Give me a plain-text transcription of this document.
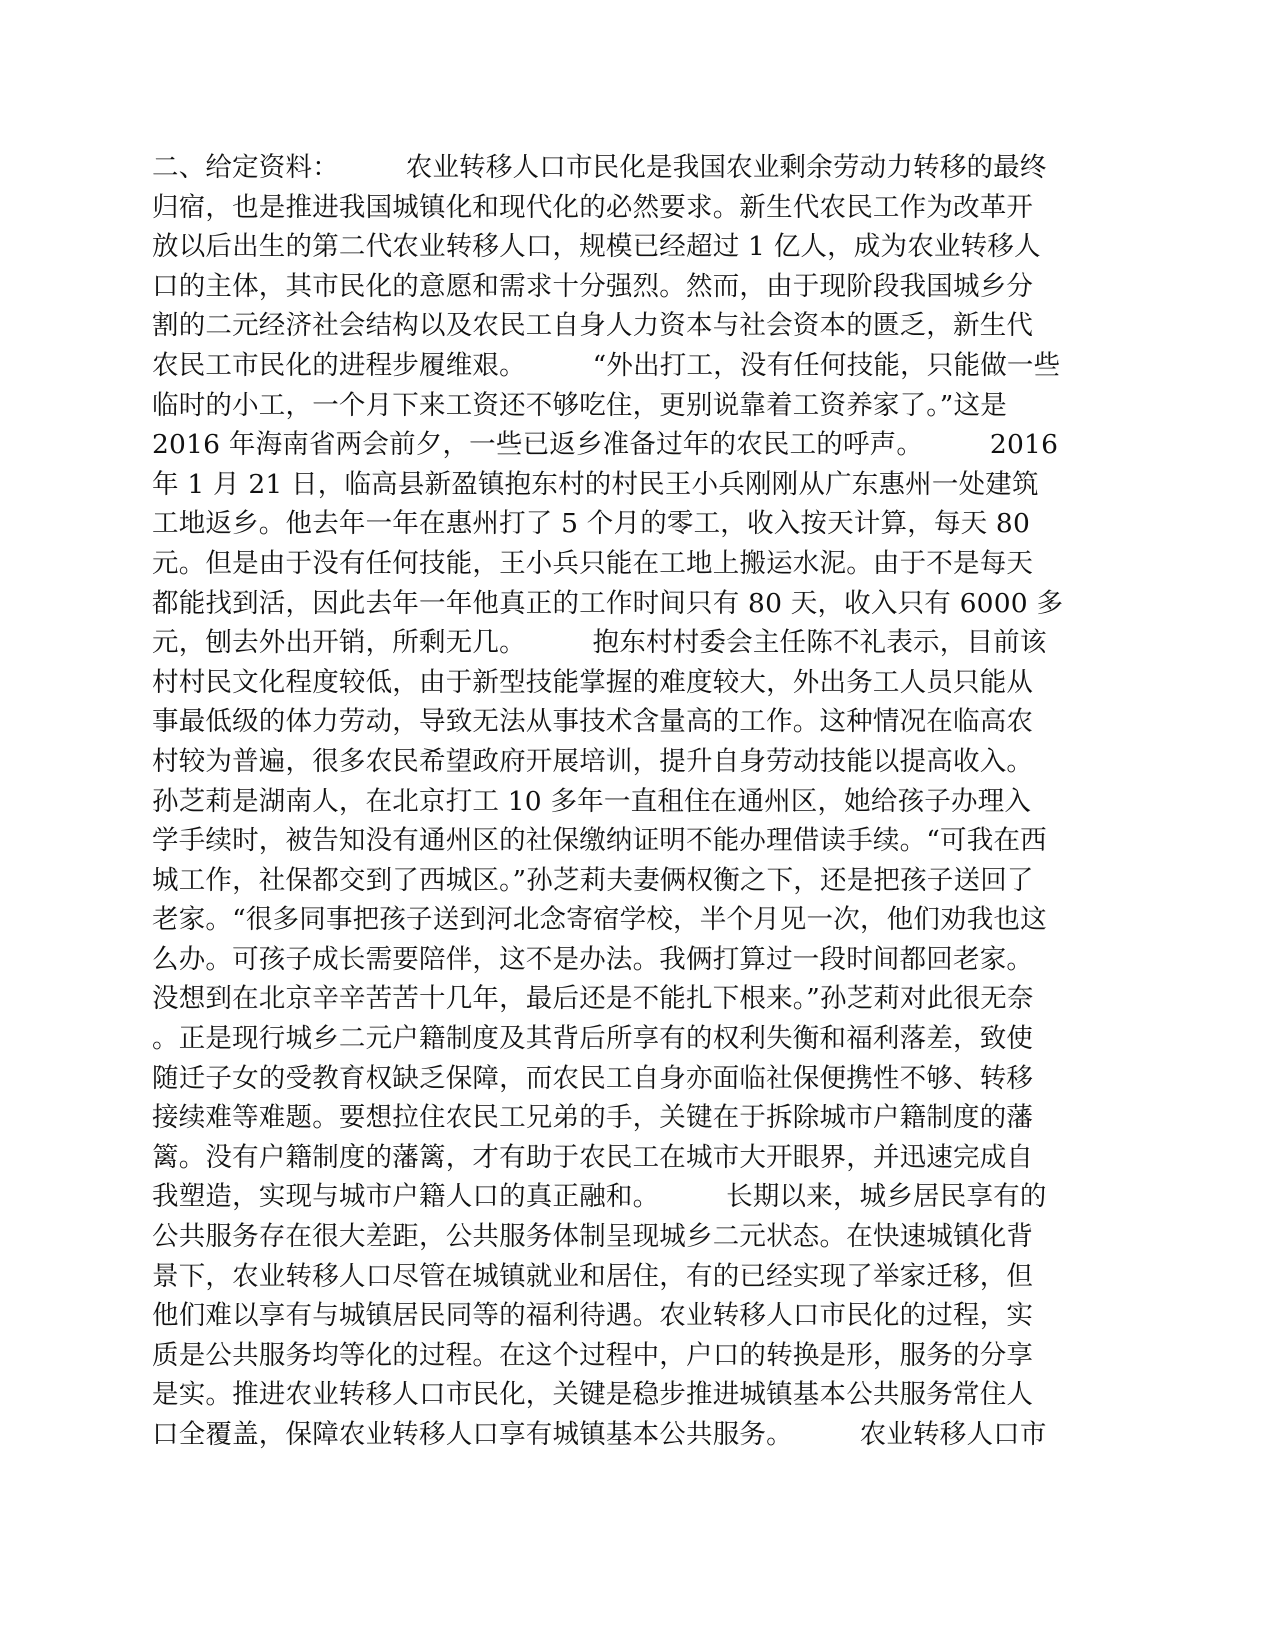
二、给定资料：　　　农业转移人口市民化是我国农业剩余劳动力转移的最终
归宿，也是推进我国城镇化和现代化的必然要求。新生代农民工作为改革开
放以后出生的第二代农业转移人口，规模已经超过 1 亿人，成为农业转移人
口的主体，其市民化的意愿和需求十分强烈。然而，由于现阶段我国城乡分
割的二元经济社会结构以及农民工自身人力资本与社会资本的匮乏，新生代
农民工市民化的进程步履维艰。　　　“外出打工，没有任何技能，只能做一些
临时的小工，一个月下来工资还不够吃住，更别说靠着工资养家了。”这是
2016 年海南省两会前夕，一些已返乡准备过年的农民工的呼声。　　　2016
年 1 月 21 日，临高县新盈镇抱东村的村民王小兵刚刚从广东惠州一处建筑
工地返乡。他去年一年在惠州打了 5 个月的零工，收入按天计算，每天 80
元。但是由于没有任何技能，王小兵只能在工地上搬运水泥。由于不是每天
都能找到活，因此去年一年他真正的工作时间只有 80 天，收入只有 6000 多
元，刨去外出开销，所剩无几。　　　抱东村村委会主任陈不礼表示，目前该
村村民文化程度较低，由于新型技能掌握的难度较大，外出务工人员只能从
事最低级的体力劳动，导致无法从事技术含量高的工作。这种情况在临高农
村较为普遍，很多农民希望政府开展培训，提升自身劳动技能以提高收入。
孙芝莉是湖南人，在北京打工 10 多年一直租住在通州区，她给孩子办理入
学手续时，被告知没有通州区的社保缴纳证明不能办理借读手续。“可我在西
城工作，社保都交到了西城区。”孙芝莉夫妻俩权衡之下，还是把孩子送回了
老家。“很多同事把孩子送到河北念寄宿学校，半个月见一次，他们劝我也这
么办。可孩子成长需要陪伴，这不是办法。我俩打算过一段时间都回老家。
没想到在北京辛辛苦苦十几年，最后还是不能扎下根来。”孙芝莉对此很无奈
。正是现行城乡二元户籍制度及其背后所享有的权利失衡和福利落差，致使
随迁子女的受教育权缺乏保障，而农民工自身亦面临社保便携性不够、转移
接续难等难题。要想拉住农民工兄弟的手，关键在于拆除城市户籍制度的藩
篱。没有户籍制度的藩篱，才有助于农民工在城市大开眼界，并迅速完成自
我塑造，实现与城市户籍人口的真正融和。　　　长期以来，城乡居民享有的
公共服务存在很大差距，公共服务体制呈现城乡二元状态。在快速城镇化背
景下，农业转移人口尽管在城镇就业和居住，有的已经实现了举家迁移，但
他们难以享有与城镇居民同等的福利待遇。农业转移人口市民化的过程，实
质是公共服务均等化的过程。在这个过程中，户口的转换是形，服务的分享
是实。推进农业转移人口市民化，关键是稳步推进城镇基本公共服务常住人
口全覆盖，保障农业转移人口享有城镇基本公共服务。　　　农业转移人口市
